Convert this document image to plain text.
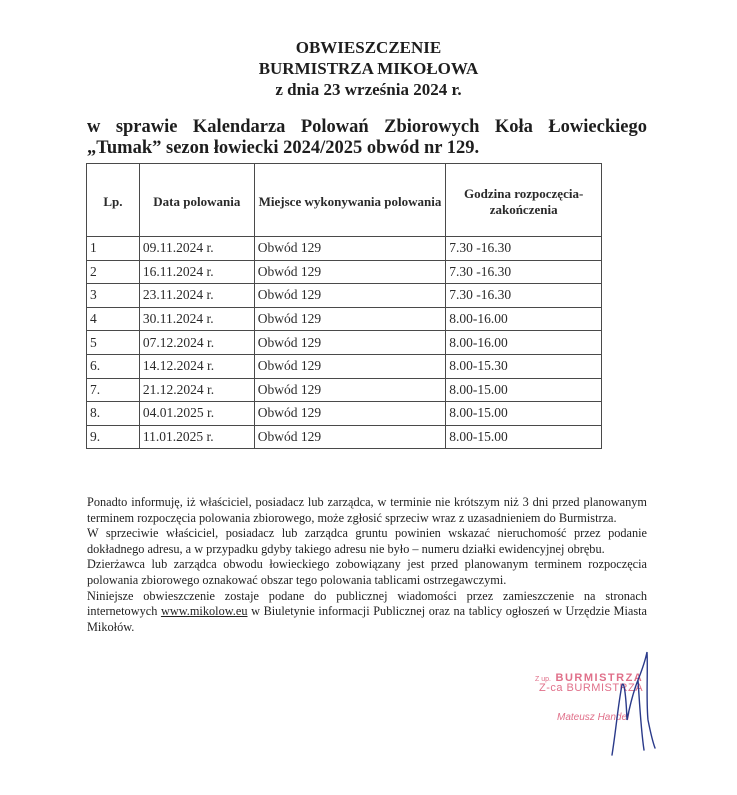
OBWIESZCZENIE
BURMISTRZA MIKOŁOWA
z dnia 23 września 2024 r.
w sprawie Kalendarza Polowań Zbiorowych Koła Łowieckiego
„Tumak” sezon łowiecki 2024/2025 obwód nr 129.
Lp.	Data polowania	Miejsce wykonywania polowania	Godzina rozpoczęcia-zakończenia
1	09.11.2024 r.	Obwód 129	7.30 -16.30
2	16.11.2024 r.	Obwód 129	7.30 -16.30
3	23.11.2024 r.	Obwód 129	7.30 -16.30
4	30.11.2024 r.	Obwód 129	8.00-16.00
5	07.12.2024 r.	Obwód 129	8.00-16.00
6.	14.12.2024 r.	Obwód 129	8.00-15.30
7.	21.12.2024 r.	Obwód 129	8.00-15.00
8.	04.01.2025 r.	Obwód 129	8.00-15.00
9.	11.01.2025 r.	Obwód 129	8.00-15.00

Ponadto informuję, iż właściciel, posiadacz lub zarządca, w terminie nie krótszym niż 3 dni przed planowanym terminem rozpoczęcia polowania zbiorowego, może zgłosić sprzeciw wraz z uzasadnieniem do Burmistrza.

W sprzeciwie właściciel, posiadacz lub zarządca gruntu powinien wskazać nieruchomość przez podanie dokładnego adresu, a w przypadku gdyby takiego adresu nie było – numeru działki ewidencyjnej obrębu.

Dzierżawca lub zarządca obwodu łowieckiego zobowiązany jest przed planowanym terminem rozpoczęcia polowania zbiorowego oznakować obszar tego polowania tablicami ostrzegawczymi.

Niniejsze obwieszczenie zostaje podane do publicznej wiadomości przez zamieszczenie na stronach internetowych www.mikolow.eu w Biuletynie informacji Publicznej oraz na tablicy ogłoszeń w Urzędzie Miasta Mikołów.

Z up. BURMISTRZA
Z-ca BURMISTRZA
Mateusz Handel
